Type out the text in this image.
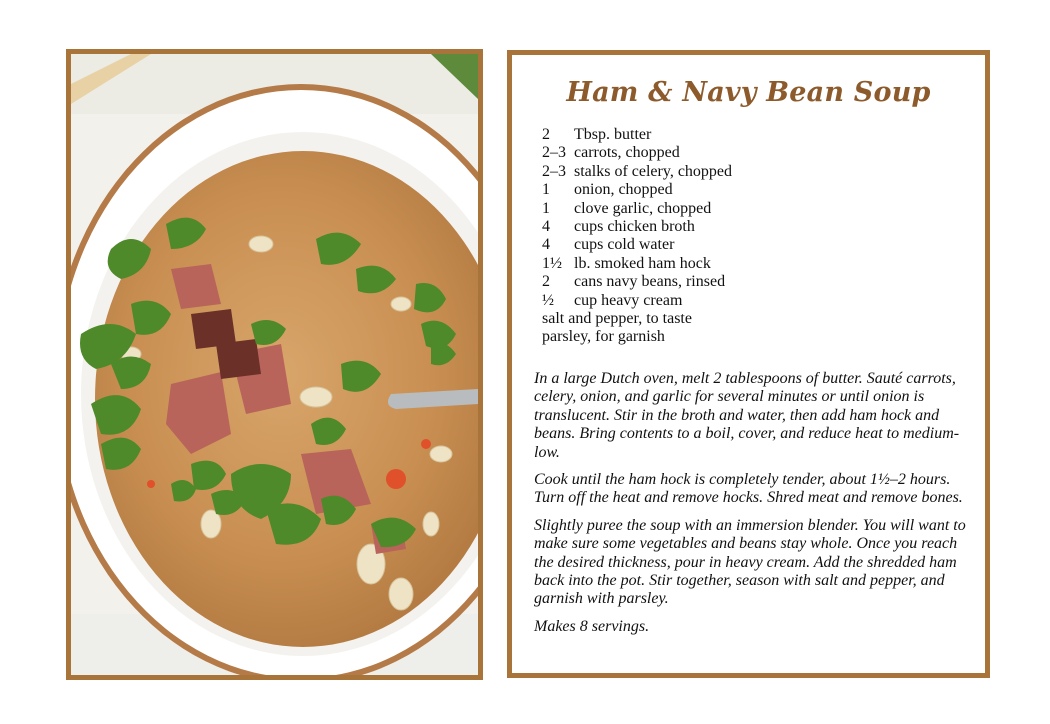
Ham & Navy Bean Soup
2	Tbsp. butter
2–3 carrots, chopped
2–3 stalks of celery, chopped
1	onion, chopped
1	clove garlic, chopped
4	cups chicken broth
4	cups cold water
1½ lb. smoked ham hock
2	cans navy beans, rinsed
½	cup heavy cream
salt and pepper, to taste
parsley, for garnish

In a large Dutch oven, melt 2 tablespoons of butter. Sauté carrots, celery, onion, and garlic for several minutes or until onion is translucent. Stir in the broth and water, then add ham hock and beans. Bring contents to a boil, cover, and reduce heat to medium-low.

Cook until the ham hock is completely tender, about 1½–2 hours. Turn off the heat and remove hocks. Shred meat and remove bones.

Slightly puree the soup with an immersion blender. You will want to make sure some vegetables and beans stay whole. Once you reach the desired thickness, pour in heavy cream. Add the shredded ham back into the pot. Stir together, season with salt and pepper, and garnish with parsley.

Makes 8 servings.
